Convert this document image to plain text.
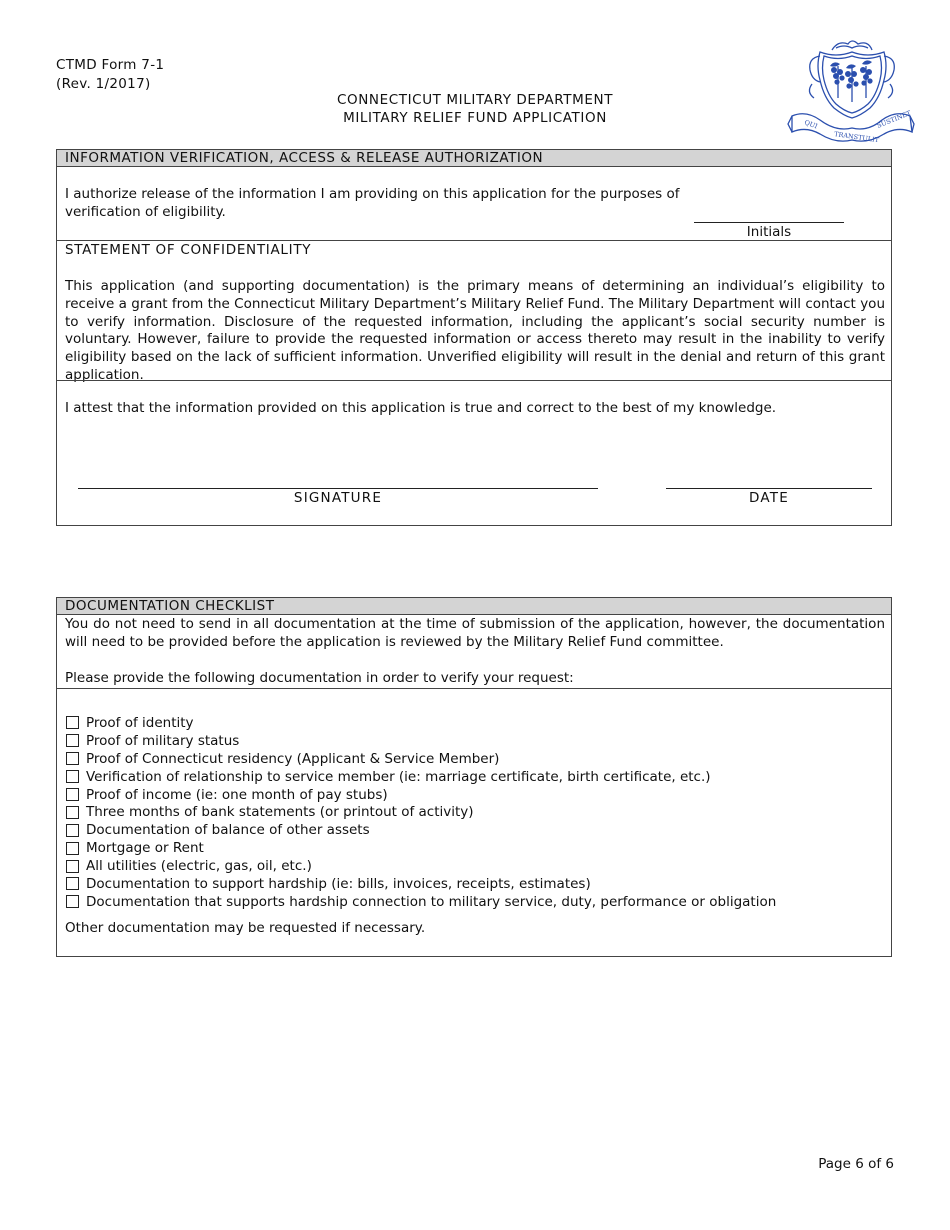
CTMD Form 7-1
(Rev. 1/2017)
CONNECTICUT MILITARY DEPARTMENT
MILITARY RELIEF FUND APPLICATION	QUI
TRANSTULIT
SUSTINET
INFORMATION VERIFICATION, ACCESS & RELEASE AUTHORIZATION
I authorize release of the information I am providing on this application for the purposes of verification of eligibility.
Initials
STATEMENT OF CONFIDENTIALITY
This application (and supporting documentation) is the primary means of determining an individual’s eligibility to receive a grant from the Connecticut Military Department’s Military Relief Fund. The Military Department will contact you to verify information. Disclosure of the requested information, including the applicant’s social security number is voluntary. However, failure to provide the requested information or access thereto may result in the inability to verify eligibility based on the lack of sufficient information. Unverified eligibility will result in the denial and return of this grant application.
I attest that the information provided on this application is true and correct to the best of my knowledge.
SIGNATURE	DATE
DOCUMENTATION CHECKLIST
You do not need to send in all documentation at the time of submission of the application, however, the documentation will need to be provided before the application is reviewed by the Military Relief Fund committee.
Please provide the following documentation in order to verify your request:
Proof of identity
Proof of military status
Proof of Connecticut residency (Applicant & Service Member)
Verification of relationship to service member (ie: marriage certificate, birth certificate, etc.)
Proof of income (ie: one month of pay stubs)
Three months of bank statements (or printout of activity)
Documentation of balance of other assets
Mortgage or Rent
All utilities (electric, gas, oil, etc.)
Documentation to support hardship (ie: bills, invoices, receipts, estimates)
Documentation that supports hardship connection to military service, duty, performance or obligation
Other documentation may be requested if necessary.
Page 6 of 6
